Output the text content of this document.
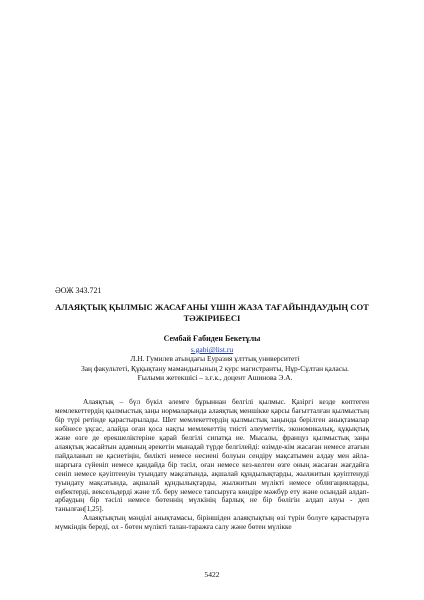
ӘОЖ 343.721
АЛАЯҚТЫҚ ҚЫЛМЫС ЖАСАҒАНЫ ҮШІН ЖАЗА ТАҒАЙЫНДАУДЫҢ СОТ ТӘЖІРИБЕСІ
Сембай Ғабиден Бекетұлы
s.gabi@list.ru
Л.Н. Гумилев атындағы Еуразия ұлттық университеті
Заң факультеті, Құқықтану мамандығының 2 курс магистранты, Нұр-Сұлтан қаласы.
Ғылыми жетекшісі – з.ғ.к., доцент Ашинова Э.А.

Алаяқтық – бүл бүкіл әлемге бұрыннан белгілі қылмыс. Қазіргі кезде көптеген мемлекеттердің қылмыстық заңы нормаларында алаяқтық меншікке қарсы бағытталған қылмыстың бір түрі ретінде қарастырылады. Шет мемлекеттердің қылмыстық заңында берілген анықтамалар көбінесе ұқсас, алайда оған қоса нақты мемлекеттің тиісті әлеуметтік, экономикалық, құқықтық және өзге де ерекшеліктеріне қарай белгілі сипатқа ие. Мысалы, француз қылмыстық заңы алаяқтық жасайтын адамның әрекетін мынадай түрде белгілейді: өзімде-кім жасаған немесе атағын пайдаланып не қасиетіңін, билікті немесе несиені болуын сендіру мақсатымен алдау мен айла-шарғыға сүйеніп немесе қандайда бір тәсіл, оған немесе кез-келген өзге оның жасаған жағдайға сеніп немесе қәуіптенуін туындату мақсатында, ақшалай құндылықтарды, жылжитын қәуіптенуді туындату мақсатында, ақшалай құндылықтарды, жылжитын мүлікті немесе облигацияларды, еңбектерді, вексельдерді және т.б. беру немесе тапсыруға көндіре мәжбүр ету және осындай алдап-арбаудың бір тәсілі немесе бөтеннің мүлкінің барлық не бір бөлігін алдап алуы - деп танылған[1,25].

Алаяқтықтың мәнділі анықтамасы, біріншіден алаяқтықтың өзі түрін болуге қарастыруға мүмкіндік береді, ол - бөтен мүлікті талан-таражға салу және бөтен мүлікке

5422
